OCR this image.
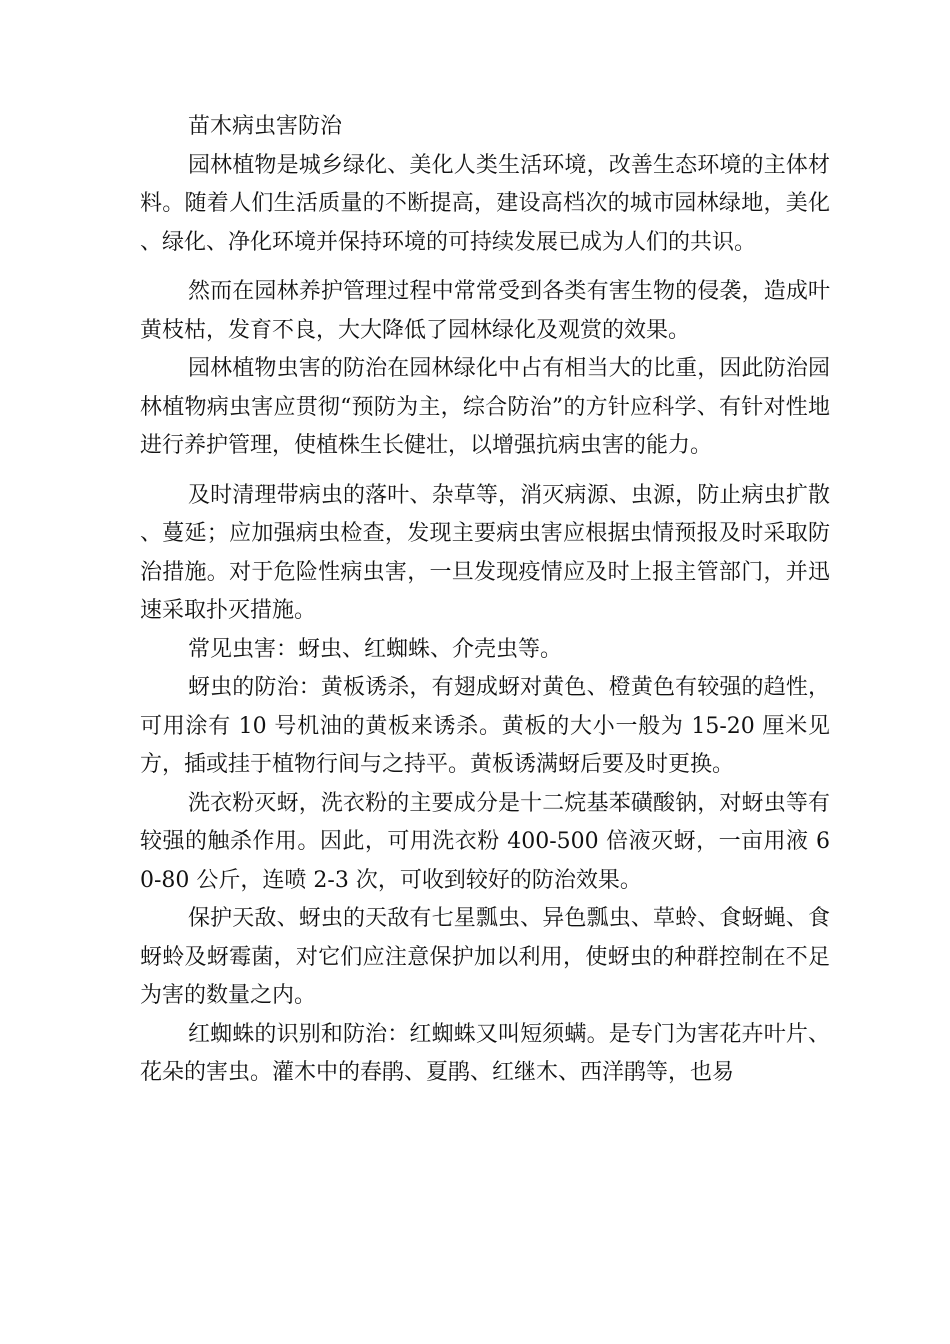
苗木病虫害防治

园林植物是城乡绿化、美化人类生活环境，改善生态环境的主体材料。随着人们生活质量的不断提高，建设高档次的城市园林绿地，美化、绿化、净化环境并保持环境的可持续发展已成为人们的共识。

然而在园林养护管理过程中常常受到各类有害生物的侵袭，造成叶黄枝枯，发育不良，大大降低了园林绿化及观赏的效果。

园林植物虫害的防治在园林绿化中占有相当大的比重，因此防治园林植物病虫害应贯彻“预防为主，综合防治”的方针应科学、有针对性地进行养护管理，使植株生长健壮，以增强抗病虫害的能力。

及时清理带病虫的落叶、杂草等，消灭病源、虫源，防止病虫扩散、蔓延；应加强病虫检查，发现主要病虫害应根据虫情预报及时采取防治措施。对于危险性病虫害，一旦发现疫情应及时上报主管部门，并迅速采取扑灭措施。

常见虫害：蚜虫、红蜘蛛、介壳虫等。

蚜虫的防治：黄板诱杀，有翅成蚜对黄色、橙黄色有较强的趋性，可用涂有 10 号机油的黄板来诱杀。黄板的大小一般为 15-20 厘米见方，插或挂于植物行间与之持平。黄板诱满蚜后要及时更换。

洗衣粉灭蚜，洗衣粉的主要成分是十二烷基苯磺酸钠，对蚜虫等有较强的触杀作用。因此，可用洗衣粉 400-500 倍液灭蚜，一亩用液 60-80 公斤，连喷 2-3 次，可收到较好的防治效果。

保护天敌、蚜虫的天敌有七星瓢虫、异色瓢虫、草蛉、食蚜蝇、食蚜蛉及蚜霉菌，对它们应注意保护加以利用，使蚜虫的种群控制在不足为害的数量之内。

红蜘蛛的识别和防治：红蜘蛛又叫短须螨。是专门为害花卉叶片、花朵的害虫。灌木中的春鹃、夏鹃、红继木、西洋鹃等，也易
